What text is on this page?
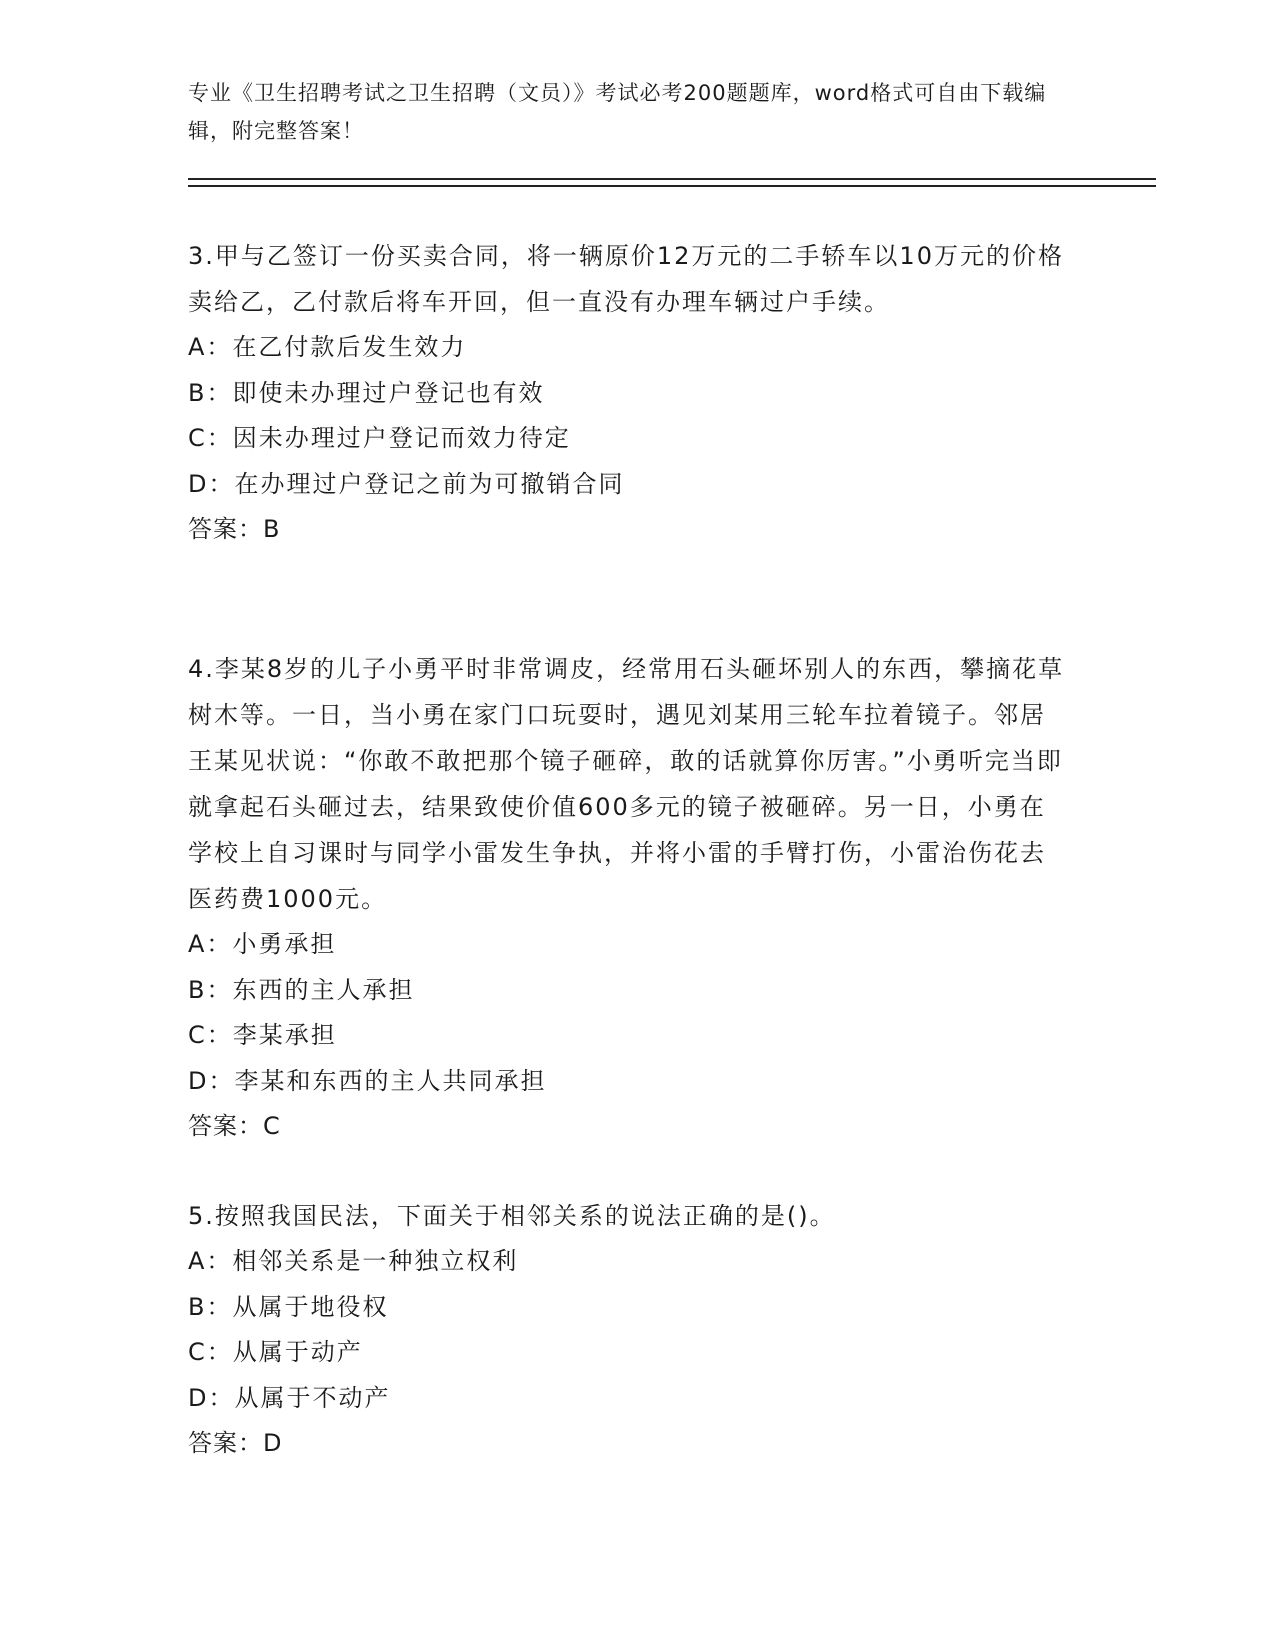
专业《卫生招聘考试之卫生招聘（文员）》考试必考200题题库，word格式可自由下载编辑，附完整答案！

3.甲与乙签订一份买卖合同，将一辆原价12万元的二手轿车以10万元的价格卖给乙，乙付款后将车开回，但一直没有办理车辆过户手续。

A：在乙付款后发生效力

B：即使未办理过户登记也有效

C：因未办理过户登记而效力待定

D：在办理过户登记之前为可撤销合同

答案：B

4.李某8岁的儿子小勇平时非常调皮，经常用石头砸坏别人的东西，攀摘花草树木等。一日，当小勇在家门口玩耍时，遇见刘某用三轮车拉着镜子。邻居王某见状说：“你敢不敢把那个镜子砸碎，敢的话就算你厉害。”小勇听完当即就拿起石头砸过去，结果致使价值600多元的镜子被砸碎。另一日，小勇在学校上自习课时与同学小雷发生争执，并将小雷的手臂打伤，小雷治伤花去医药费1000元。

A：小勇承担

B：东西的主人承担

C：李某承担

D：李某和东西的主人共同承担

答案：C

5.按照我国民法，下面关于相邻关系的说法正确的是()。

A：相邻关系是一种独立权利

B：从属于地役权

C：从属于动产

D：从属于不动产

答案：D
